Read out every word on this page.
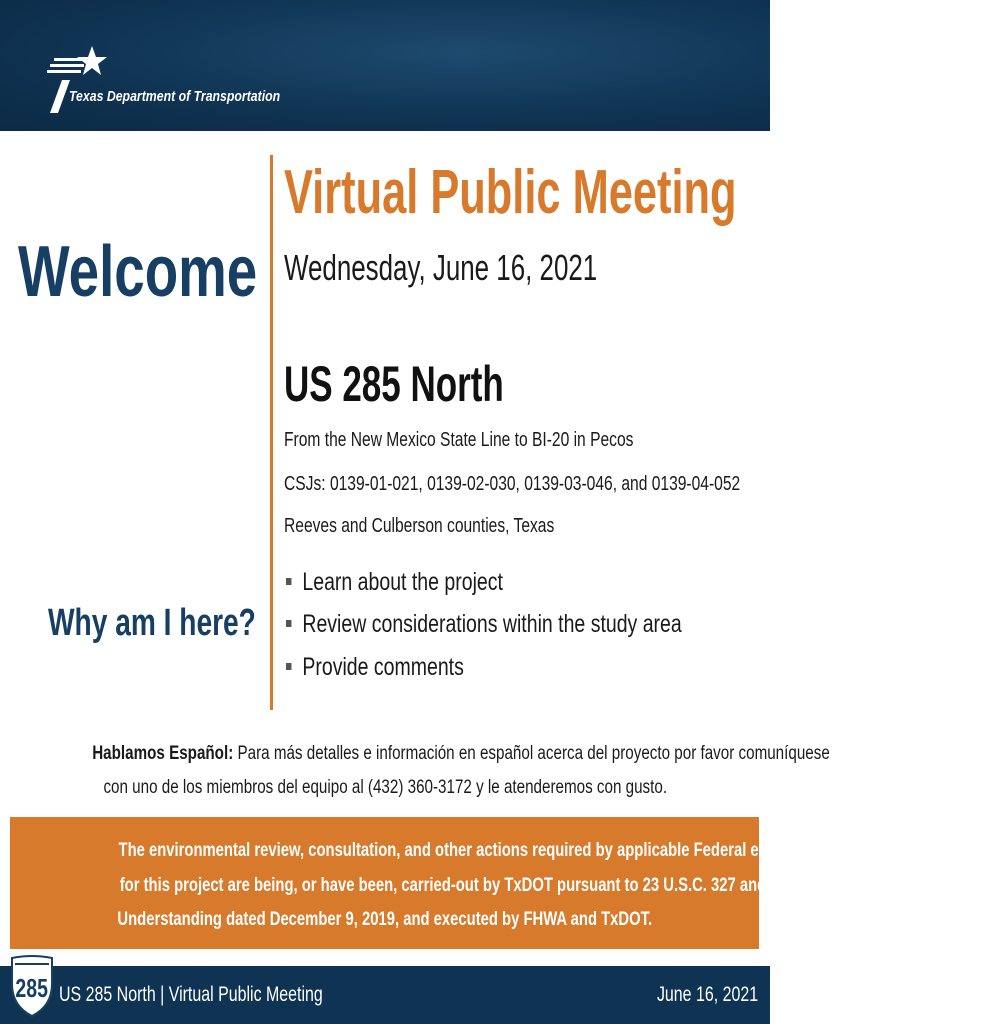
Texas Department of Transportation
Welcome
Why am I here?
Virtual Public Meeting
Wednesday, June 16, 2021
US 285 North
From the New Mexico State Line to BI-20 in Pecos
CSJs: 0139-01-021, 0139-02-030, 0139-03-046, and 0139-04-052
Reeves and Culberson counties, Texas
Learn about the project
Review considerations within the study area
Provide comments
Hablamos Español: Para más detalles e información en español acerca del proyecto por favor comuníquese
con uno de los miembros del equipo al (432) 360-3172 y le atenderemos con gusto.
The environmental review, consultation, and other actions required by applicable Federal environmental laws
for this project are being, or have been, carried-out by TxDOT pursuant to 23 U.S.C. 327 and a Memorandum of
Understanding dated December 9, 2019, and executed by FHWA and TxDOT.
285 US 285 North | Virtual Public Meeting	June 16, 2021
